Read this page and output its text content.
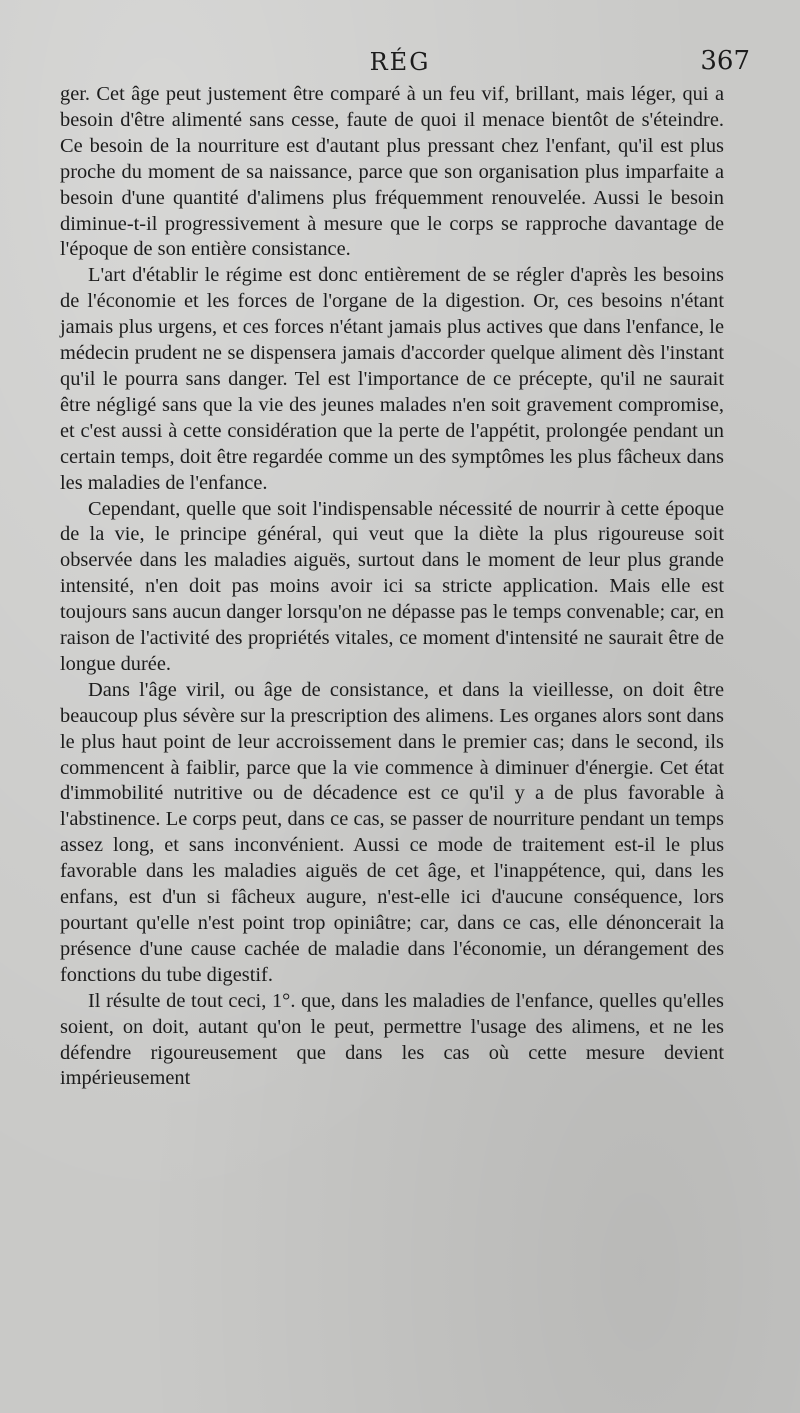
RÉG	367

ger. Cet âge peut justement être comparé à un feu vif, brillant, mais léger, qui a besoin d'être alimenté sans cesse, faute de quoi il menace bientôt de s'éteindre. Ce besoin de la nourriture est d'autant plus pressant chez l'enfant, qu'il est plus proche du moment de sa naissance, parce que son organisation plus imparfaite a besoin d'une quantité d'alimens plus fréquemment renouvelée. Aussi le besoin diminue-t-il progressivement à mesure que le corps se rapproche davantage de l'époque de son entière consistance.

L'art d'établir le régime est donc entièrement de se régler d'après les besoins de l'économie et les forces de l'organe de la digestion. Or, ces besoins n'étant jamais plus urgens, et ces forces n'étant jamais plus actives que dans l'enfance, le médecin prudent ne se dispensera jamais d'accorder quelque aliment dès l'instant qu'il le pourra sans danger. Tel est l'importance de ce précepte, qu'il ne saurait être négligé sans que la vie des jeunes malades n'en soit gravement compromise, et c'est aussi à cette considération que la perte de l'appétit, prolongée pendant un certain temps, doit être regardée comme un des symptômes les plus fâcheux dans les maladies de l'enfance.

Cependant, quelle que soit l'indispensable nécessité de nourrir à cette époque de la vie, le principe général, qui veut que la diète la plus rigoureuse soit observée dans les maladies aiguës, surtout dans le moment de leur plus grande intensité, n'en doit pas moins avoir ici sa stricte application. Mais elle est toujours sans aucun danger lorsqu'on ne dépasse pas le temps convenable; car, en raison de l'activité des propriétés vitales, ce moment d'intensité ne saurait être de longue durée.

Dans l'âge viril, ou âge de consistance, et dans la vieillesse, on doit être beaucoup plus sévère sur la prescription des alimens. Les organes alors sont dans le plus haut point de leur accroissement dans le premier cas; dans le second, ils commencent à faiblir, parce que la vie commence à diminuer d'énergie. Cet état d'immobilité nutritive ou de décadence est ce qu'il y a de plus favorable à l'abstinence. Le corps peut, dans ce cas, se passer de nourriture pendant un temps assez long, et sans inconvénient. Aussi ce mode de traitement est-il le plus favorable dans les maladies aiguës de cet âge, et l'inappétence, qui, dans les enfans, est d'un si fâcheux augure, n'est-elle ici d'aucune conséquence, lors pourtant qu'elle n'est point trop opiniâtre; car, dans ce cas, elle dénoncerait la présence d'une cause cachée de maladie dans l'économie, un dérangement des fonctions du tube digestif.

Il résulte de tout ceci, 1°. que, dans les maladies de l'enfance, quelles qu'elles soient, on doit, autant qu'on le peut, permettre l'usage des alimens, et ne les défendre rigoureusement que dans les cas où cette mesure devient impérieusement
